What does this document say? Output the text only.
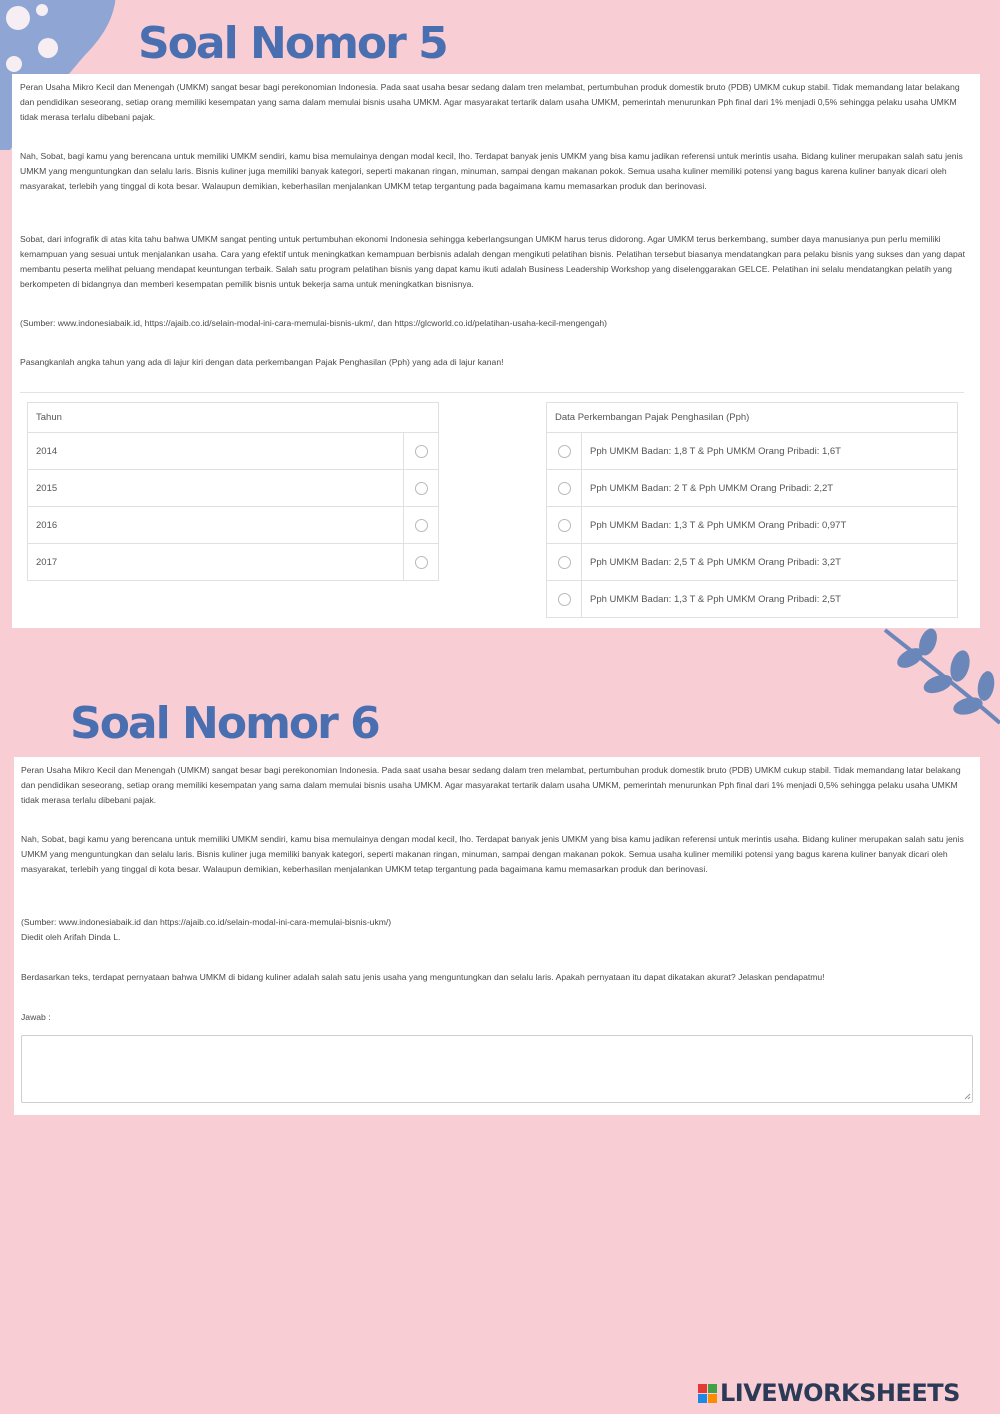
Soal Nomor 5

Peran Usaha Mikro Kecil dan Menengah (UMKM) sangat besar bagi perekonomian Indonesia. Pada saat usaha besar sedang dalam tren melambat, pertumbuhan produk domestik bruto (PDB) UMKM cukup stabil. Tidak memandang latar belakang dan pendidikan seseorang, setiap orang memiliki kesempatan yang sama dalam memulai bisnis usaha UMKM. Agar masyarakat tertarik dalam usaha UMKM, pemerintah menurunkan Pph final dari 1% menjadi 0,5% sehingga pelaku usaha UMKM tidak merasa terlalu dibebani pajak.

Nah, Sobat, bagi kamu yang berencana untuk memiliki UMKM sendiri, kamu bisa memulainya dengan modal kecil, lho. Terdapat banyak jenis UMKM yang bisa kamu jadikan referensi untuk merintis usaha. Bidang kuliner merupakan salah satu jenis UMKM yang menguntungkan dan selalu laris. Bisnis kuliner juga memiliki banyak kategori, seperti makanan ringan, minuman, sampai dengan makanan pokok. Semua usaha kuliner memiliki potensi yang bagus karena kuliner banyak dicari oleh masyarakat, terlebih yang tinggal di kota besar. Walaupun demikian, keberhasilan menjalankan UMKM tetap tergantung pada bagaimana kamu memasarkan produk dan berinovasi.

Sobat, dari infografik di atas kita tahu bahwa UMKM sangat penting untuk pertumbuhan ekonomi Indonesia sehingga keberlangsungan UMKM harus terus didorong. Agar UMKM terus berkembang, sumber daya manusianya pun perlu memiliki kemampuan yang sesuai untuk menjalankan usaha. Cara yang efektif untuk meningkatkan kemampuan berbisnis adalah dengan mengikuti pelatihan bisnis. Pelatihan tersebut biasanya mendatangkan para pelaku bisnis yang sukses dan yang dapat membantu peserta melihat peluang mendapat keuntungan terbaik. Salah satu program pelatihan bisnis yang dapat kamu ikuti adalah Business Leadership Workshop yang diselenggarakan GELCE. Pelatihan ini selalu mendatangkan pelatih yang berkompeten di bidangnya dan memberi kesempatan pemilik bisnis untuk bekerja sama untuk meningkatkan bisnisnya.

(Sumber: www.indonesiabaik.id, https://ajaib.co.id/selain-modal-ini-cara-memulai-bisnis-ukm/, dan https://glcworld.co.id/pelatihan-usaha-kecil-mengengah)

Pasangkanlah angka tahun yang ada di lajur kiri dengan data perkembangan Pajak Penghasilan (Pph) yang ada di lajur kanan!

Tahun	
2014	
2015	
2016	
2017	
Data Perkembangan Pajak Penghasilan (Pph)	
	Pph UMKM Badan: 1,8 T & Pph UMKM Orang Pribadi: 1,6T
	Pph UMKM Badan: 2 T & Pph UMKM Orang Pribadi: 2,2T
	Pph UMKM Badan: 1,3 T & Pph UMKM Orang Pribadi: 0,97T
	Pph UMKM Badan: 2,5 T & Pph UMKM Orang Pribadi: 3,2T
	Pph UMKM Badan: 1,3 T & Pph UMKM Orang Pribadi: 2,5T
Soal Nomor 6

Peran Usaha Mikro Kecil dan Menengah (UMKM) sangat besar bagi perekonomian Indonesia. Pada saat usaha besar sedang dalam tren melambat, pertumbuhan produk domestik bruto (PDB) UMKM cukup stabil. Tidak memandang latar belakang dan pendidikan seseorang, setiap orang memiliki kesempatan yang sama dalam memulai bisnis usaha UMKM. Agar masyarakat tertarik dalam usaha UMKM, pemerintah menurunkan Pph final dari 1% menjadi 0,5% sehingga pelaku usaha UMKM tidak merasa terlalu dibebani pajak.

Nah, Sobat, bagi kamu yang berencana untuk memiliki UMKM sendiri, kamu bisa memulainya dengan modal kecil, lho. Terdapat banyak jenis UMKM yang bisa kamu jadikan referensi untuk merintis usaha. Bidang kuliner merupakan salah satu jenis UMKM yang menguntungkan dan selalu laris. Bisnis kuliner juga memiliki banyak kategori, seperti makanan ringan, minuman, sampai dengan makanan pokok. Semua usaha kuliner memiliki potensi yang bagus karena kuliner banyak dicari oleh masyarakat, terlebih yang tinggal di kota besar. Walaupun demikian, keberhasilan menjalankan UMKM tetap tergantung pada bagaimana kamu memasarkan produk dan berinovasi.

(Sumber: www.indonesiabaik.id dan https://ajaib.co.id/selain-modal-ini-cara-memulai-bisnis-ukm/)

Diedit oleh Arifah Dinda L.

Berdasarkan teks, terdapat pernyataan bahwa UMKM di bidang kuliner adalah salah satu jenis usaha yang menguntungkan dan selalu laris. Apakah pernyataan itu dapat dikatakan akurat? Jelaskan pendapatmu!

Jawab :

LIVEWORKSHEETS
